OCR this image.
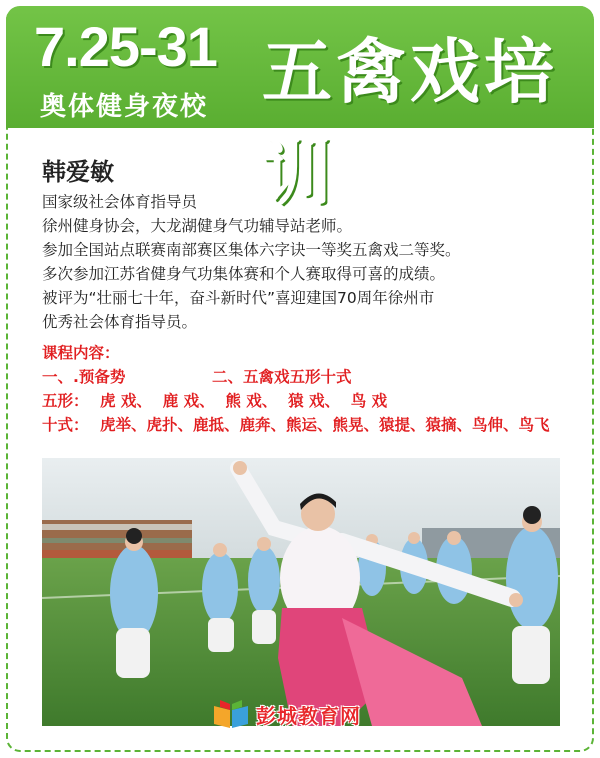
7.25-31
奥体健身夜校 五禽戏培训
韩爱敏
国家级社会体育指导员
徐州健身协会，大龙湖健身气功辅导站老师。
参加全国站点联赛南部赛区集体六字诀一等奖五禽戏二等奖。
多次参加江苏省健身气功集体赛和个人赛取得可喜的成绩。
被评为“壮丽七十年，奋斗新时代”喜迎建国70周年徐州市
优秀社会体育指导员。
课程内容：
一、.预备势	二、五禽戏五形十式
五形： 虎 戏、  鹿 戏、  熊 戏、  猿 戏、  鸟 戏
十式： 虎举、虎扑、鹿抵、鹿奔、熊运、熊晃、猿提、猿摘、鸟伸、鸟飞
彭城教育网
